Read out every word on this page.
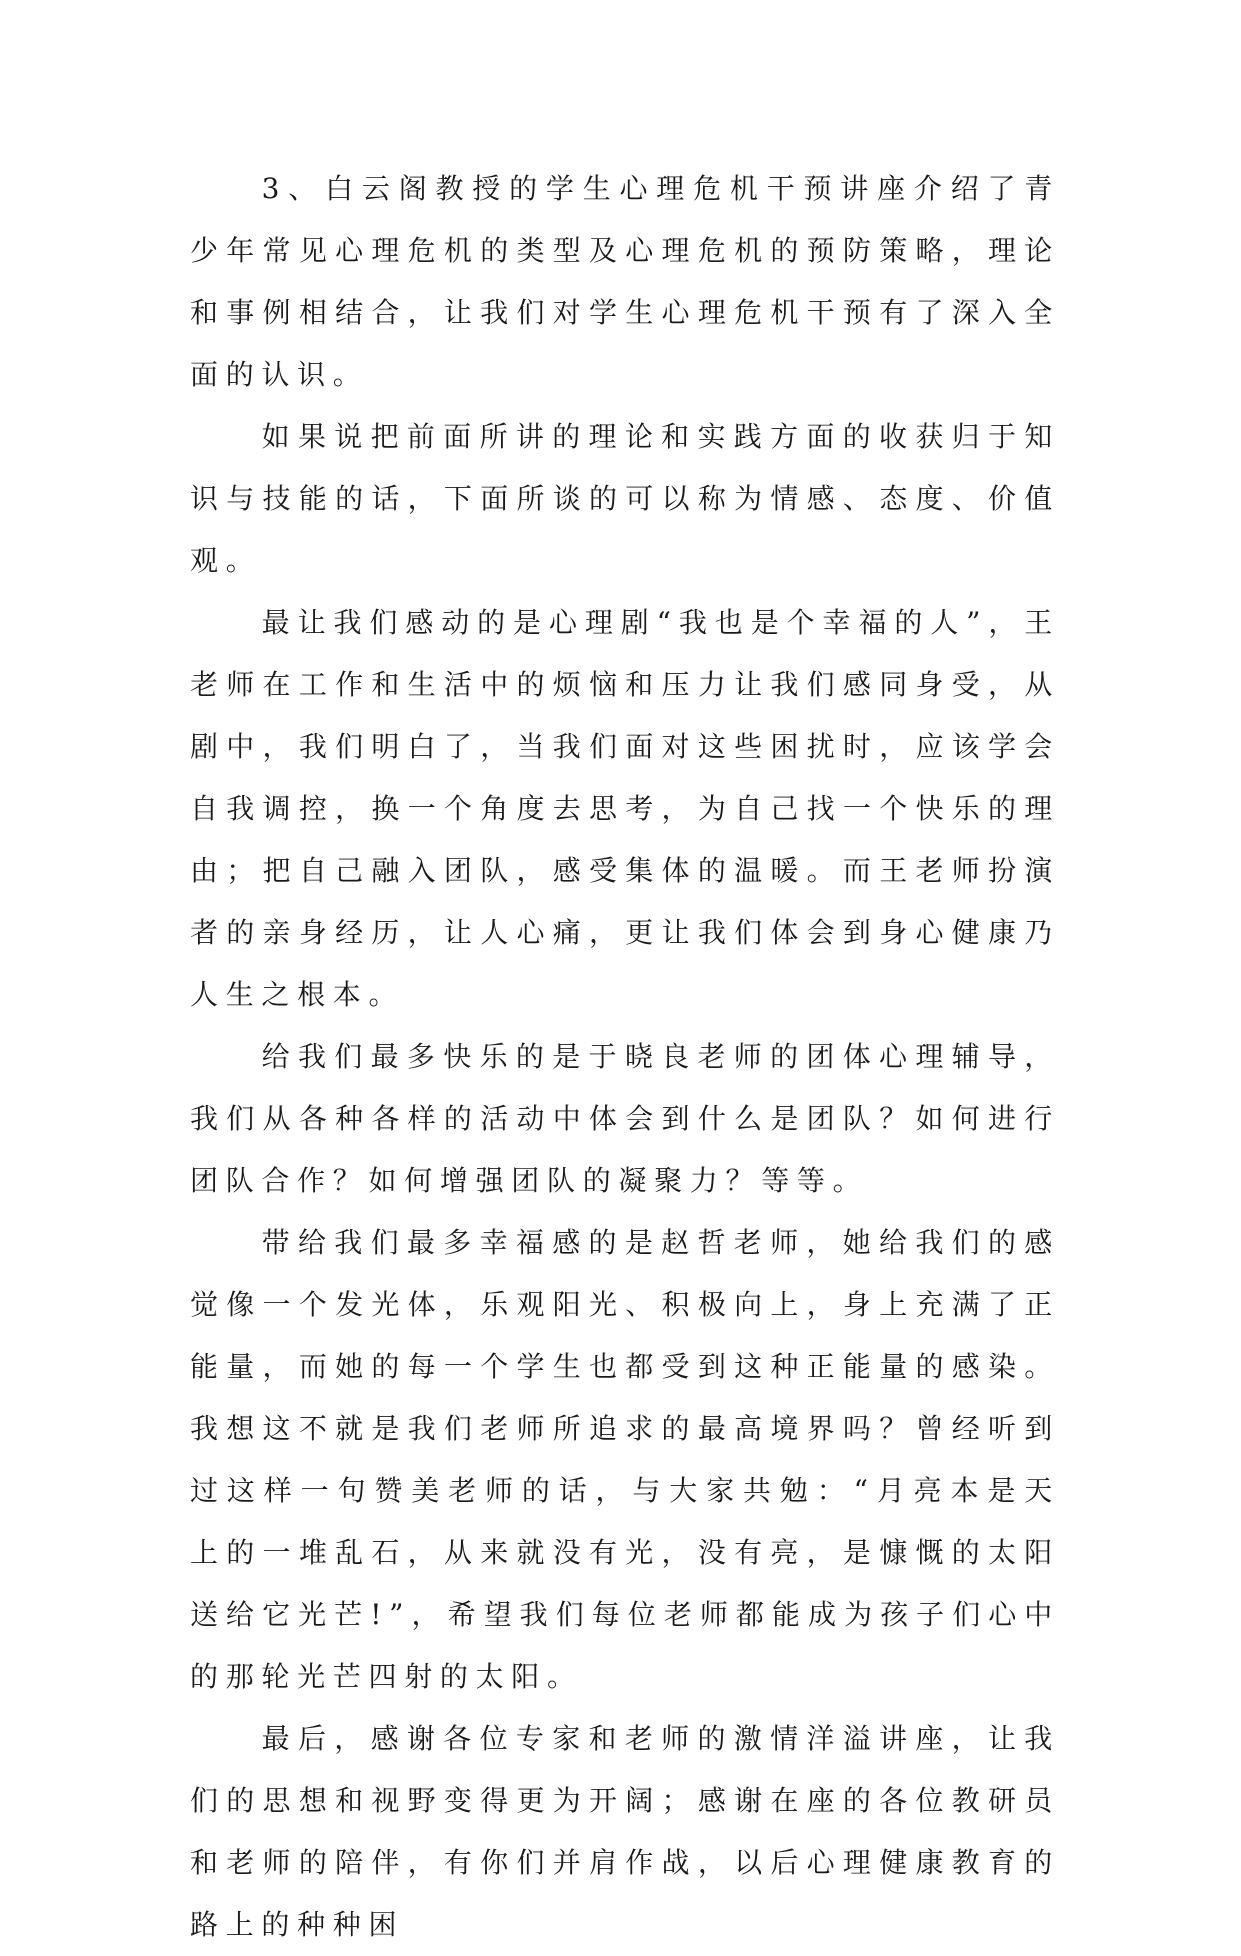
3、白云阁教授的学生心理危机干预讲座介绍了青少年常见心理危机的类型及心理危机的预防策略，理论和事例相结合，让我们对学生心理危机干预有了深入全面的认识。

如果说把前面所讲的理论和实践方面的收获归于知识与技能的话，下面所谈的可以称为情感、态度、价值观。

最让我们感动的是心理剧“我也是个幸福的人”，王老师在工作和生活中的烦恼和压力让我们感同身受，从剧中，我们明白了，当我们面对这些困扰时，应该学会自我调控，换一个角度去思考，为自己找一个快乐的理由；把自己融入团队，感受集体的温暖。而王老师扮演者的亲身经历，让人心痛，更让我们体会到身心健康乃人生之根本。

给我们最多快乐的是于晓良老师的团体心理辅导，我们从各种各样的活动中体会到什么是团队？如何进行团队合作？如何增强团队的凝聚力？等等。

带给我们最多幸福感的是赵哲老师，她给我们的感觉像一个发光体，乐观阳光、积极向上，身上充满了正能量，而她的每一个学生也都受到这种正能量的感染。我想这不就是我们老师所追求的最高境界吗？曾经听到过这样一句赞美老师的话，与大家共勉：“月亮本是天上的一堆乱石，从来就没有光，没有亮，是慷慨的太阳送给它光芒!”，希望我们每位老师都能成为孩子们心中的那轮光芒四射的太阳。

最后，感谢各位专家和老师的激情洋溢讲座，让我们的思想和视野变得更为开阔；感谢在座的各位教研员和老师的陪伴，有你们并肩作战，以后心理健康教育的路上的种种困
